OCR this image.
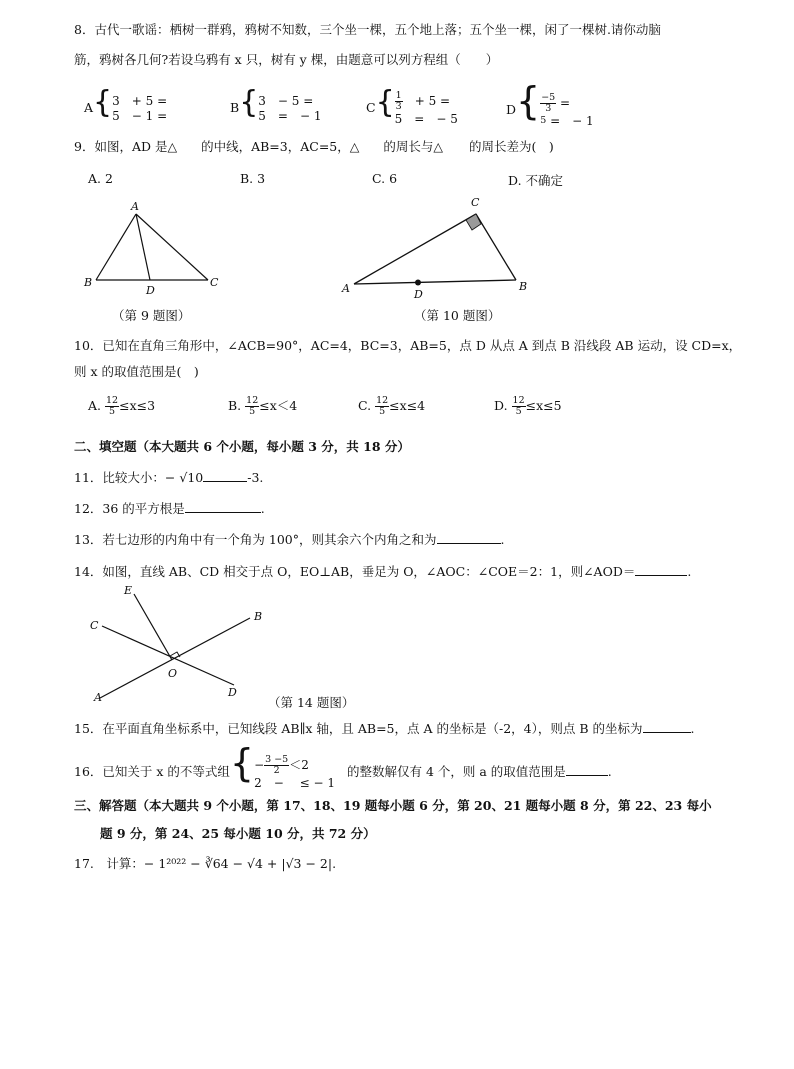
8．古代一歌谣：栖树一群鸦，鸦树不知数，三个坐一棵，五个地上落；五个坐一棵，闲了一棵树.请你动脑
筋，鸦树各几何?若设乌鸦有 x 只，树有 y 棵，由题意可以列方程组（　　）
A{ 3　+ 5 =
5　− 1 =
B{ 3　− 5 =
5　=　− 1
$C\{ \frac{1}{3}$ 　+ 5 =
5　=　− 5
$D\{ \frac{-5}{3}$ =
5 =　− 1
9．如图，AD 是△ 的中线，AB=3，AC=5，△ 的周长与△ 的周长差为(　)
A. 2	B. 3	C. 6	D. 不确定
A
B
D
C
（第 9 题图）
C
A	D
B
（第 10 题图）
10．已知在直角三角形中，∠ACB=90°，AC=4，BC=3，AB=5，点 D 从点 A 到点 B 沿线段 AB 运动，设 CD=x，
则 x 的取值范围是(　)
A. $\frac{12}{5} \le x\le 3$	B. $\frac{12}{5} \le x<4$	C. $\frac{12}{5} \le x\le 4$	D. $\frac{12}{5} \le x\le 5$
二、填空题（本大题共 6 个小题，每小题 3 分，共 18 分）
11．比较大小：− √10	-3.
12．36 的平方根是	.
13．若七边形的内角中有一个角为 100°，则其余六个内角之和为	.
14．如图，直线 AB、CD 相交于点 O，EO⊥AB，垂足为 O，∠AOC：∠COE＝2：1，则∠AOD＝	.
E
C
B
O
A	D
（第 14 题图）
15．在平面直角坐标系中，已知线段 AB∥x 轴，且 AB=5，点 A 的坐标是（-2，4），则点 B 的坐标为	.
16．已知关于 x 的不等式组{ − $\frac{3 -5}{2} <2$
2　−　 ≤ − 1
的整数解仅有 4 个，则 a 的取值范围是	.
三、解答题（本大题共 9 个小题，第 17、18、19 题每小题 6 分，第 20、21 题每小题 8 分，第 22、23 每小
题 9 分，第 24、25 每小题 10 分，共 72 分）
17.　计算：− 1²⁰²² − ∛64 − √4 + |√3 − 2|.
